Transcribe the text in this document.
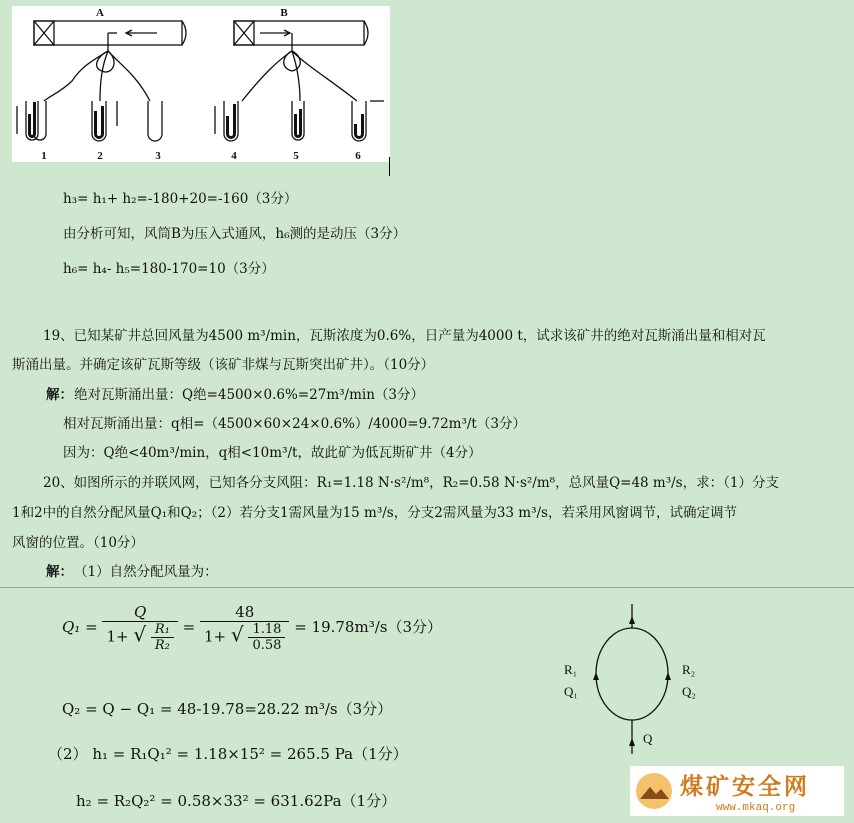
A	B
1	2	3	4	5	6
h₃= h₁+ h₂=-180+20=-160（3分）
由分析可知，风筒B为压入式通风，h₆测的是动压（3分）
h₆= h₄- h₅=180-170=10（3分）
19、已知某矿井总回风量为4500 m³/min，瓦斯浓度为0.6%，日产量为4000 t，试求该矿井的绝对瓦斯涌出量和相对瓦
斯涌出量。并确定该矿瓦斯等级（该矿非煤与瓦斯突出矿井）。（10分）
解： 绝对瓦斯涌出量：Q绝=4500×0.6%=27m³/min（3分）
相对瓦斯涌出量：q相=（4500×60×24×0.6%）/4000=9.72m³/t（3分）
因为：Q绝<40m³/min，q相<10m³/t，故此矿为低瓦斯矿井（4分）
20、如图所示的并联风网，已知各分支风阻：R₁=1.18 N·s²/m⁸，R₂=0.58 N·s²/m⁸，总风量Q=48 m³/s，求：（1）分支
1和2中的自然分配风量Q₁和Q₂；（2）若分支1需风量为15 m³/s，分支2需风量为33 m³/s，若采用风窗调节，试确定调节
风窗的位置。（10分）
解： （1）自然分配风量为：
$Q_1 = \frac{Q}{1+ √ \frac{\text{R₁}}{\text{R₂}}} = \frac{48}{1+ √ \frac{1.18}{0.58}} = 19.78m^3/s(3$分）
Q₂ = Q − Q₁ = 48-19.78=28.22 m³/s（3分）
（2） h₁ = R₁Q₁² = 1.18×15² = 265.5 Pa（1分）
h₂ = R₂Q₂² = 0.58×33² = 631.62Pa（1分）
R₁
Q₁
R₂
Q₂
Q
煤矿安全网
www.mkaq.org
